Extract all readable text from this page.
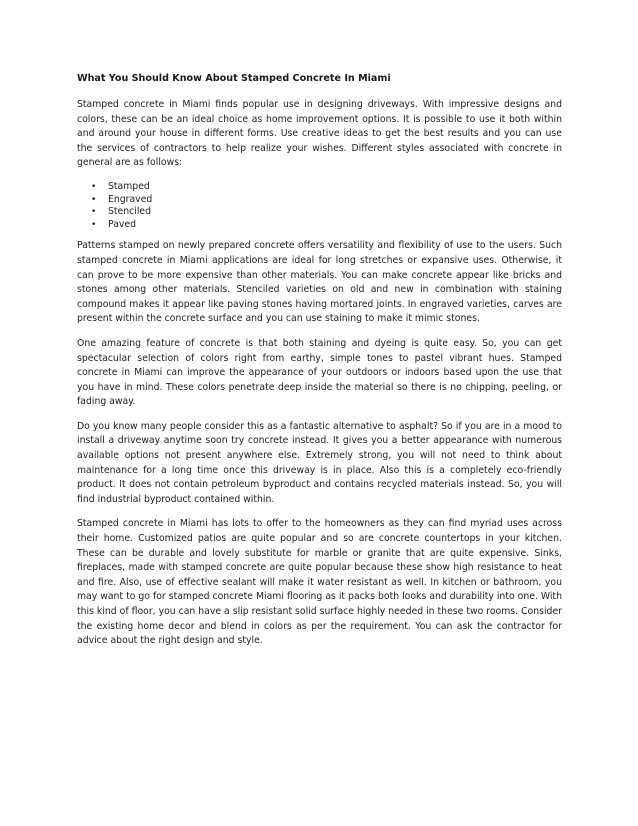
What You Should Know About Stamped Concrete In Miami

Stamped concrete in Miami finds popular use in designing driveways. With impressive designs and colors, these can be an ideal choice as home improvement options. It is possible to use it both within and around your house in different forms. Use creative ideas to get the best results and you can use the services of contractors to help realize your wishes. Different styles associated with concrete in general are as follows:

• Stamped
• Engraved
• Stenciled
• Paved

Patterns stamped on newly prepared concrete offers versatility and flexibility of use to the users. Such stamped concrete in Miami applications are ideal for long stretches or expansive uses. Otherwise, it can prove to be more expensive than other materials. You can make concrete appear like bricks and stones among other materials. Stenciled varieties on old and new in combination with staining compound makes it appear like paving stones having mortared joints. In engraved varieties, carves are present within the concrete surface and you can use staining to make it mimic stones.

One amazing feature of concrete is that both staining and dyeing is quite easy. So, you can get spectacular selection of colors right from earthy, simple tones to pastel vibrant hues. Stamped concrete in Miami can improve the appearance of your outdoors or indoors based upon the use that you have in mind. These colors penetrate deep inside the material so there is no chipping, peeling, or fading away.

Do you know many people consider this as a fantastic alternative to asphalt? So if you are in a mood to install a driveway anytime soon try concrete instead. It gives you a better appearance with numerous available options not present anywhere else. Extremely strong, you will not need to think about maintenance for a long time once this driveway is in place. Also this is a completely eco-friendly product. It does not contain petroleum byproduct and contains recycled materials instead. So, you will find industrial byproduct contained within.

Stamped concrete in Miami has lots to offer to the homeowners as they can find myriad uses across their home. Customized patios are quite popular and so are concrete countertops in your kitchen. These can be durable and lovely substitute for marble or granite that are quite expensive. Sinks, fireplaces, made with stamped concrete are quite popular because these show high resistance to heat and fire. Also, use of effective sealant will make it water resistant as well. In kitchen or bathroom, you may want to go for stamped concrete Miami flooring as it packs both looks and durability into one. With this kind of floor, you can have a slip resistant solid surface highly needed in these two rooms. Consider the existing home decor and blend in colors as per the requirement. You can ask the contractor for advice about the right design and style.
